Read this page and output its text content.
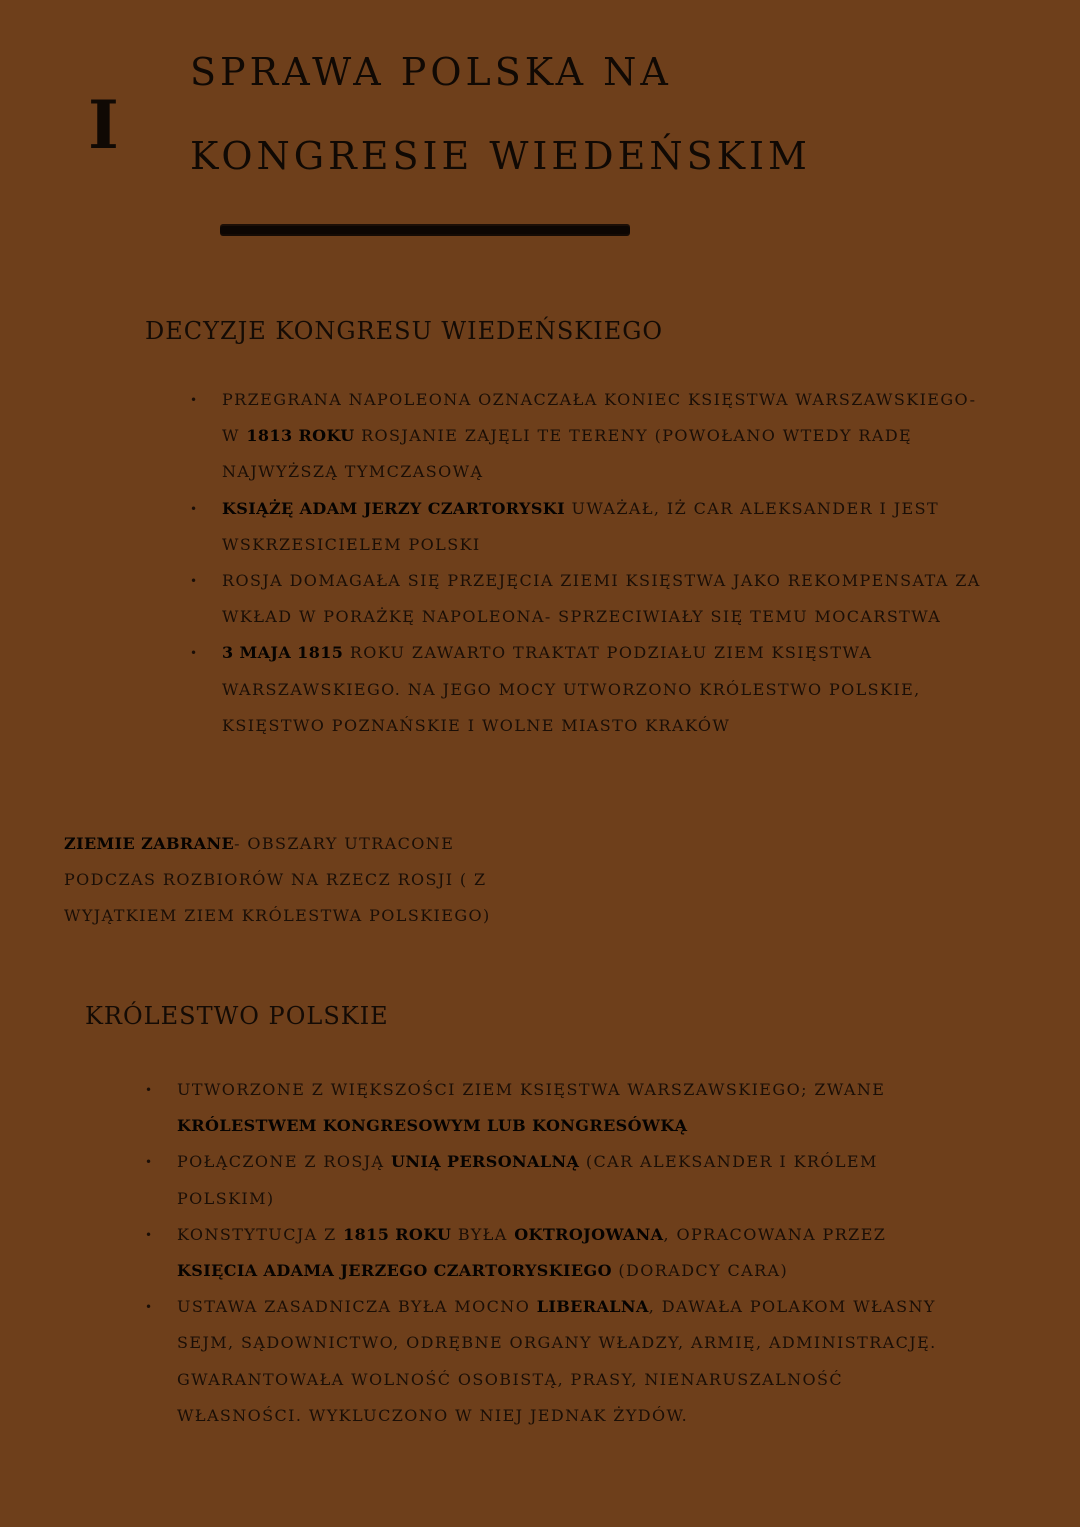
I
SPRAWA POLSKA NA
KONGRESIE WIEDEŃSKIM
DECYZJE KONGRESU WIEDEŃSKIEGO
• PRZEGRANA NAPOLEONA OZNACZAŁA KONIEC KSIĘSTWA WARSZAWSKIEGO- W 1813 ROKU ROSJANIE ZAJĘLI TE TERENY (POWOŁANO WTEDY RADĘ NAJWYŻSZĄ TYMCZASOWĄ
• KSIĄŻĘ ADAM JERZY CZARTORYSKI UWAŻAŁ, IŻ CAR ALEKSANDER I JEST WSKRZESICIELEM POLSKI
• ROSJA DOMAGAŁA SIĘ PRZEJĘCIA ZIEMI KSIĘSTWA JAKO REKOMPENSATA ZA WKŁAD W PORAŻKĘ NAPOLEONA- SPRZECIWIAŁY SIĘ TEMU MOCARSTWA
• 3 MAJA 1815 ROKU ZAWARTO TRAKTAT PODZIAŁU ZIEM KSIĘSTWA WARSZAWSKIEGO. NA JEGO MOCY UTWORZONO KRÓLESTWO POLSKIE, KSIĘSTWO POZNAŃSKIE I WOLNE MIASTO KRAKÓW
ZIEMIE ZABRANE- OBSZARY UTRACONE PODCZAS ROZBIORÓW NA RZECZ ROSJI ( Z WYJĄTKIEM ZIEM KRÓLESTWA POLSKIEGO)
KRÓLESTWO POLSKIE
• UTWORZONE Z WIĘKSZOŚCI ZIEM KSIĘSTWA WARSZAWSKIEGO; ZWANE KRÓLESTWEM KONGRESOWYM LUB KONGRESÓWKĄ
• POŁĄCZONE Z ROSJĄ UNIĄ PERSONALNĄ (CAR ALEKSANDER I KRÓLEM POLSKIM)
• KONSTYTUCJA Z 1815 ROKU BYŁA OKTROJOWANA, OPRACOWANA PRZEZ KSIĘCIA ADAMA JERZEGO CZARTORYSKIEGO (DORADCY CARA)
• USTAWA ZASADNICZA BYŁA MOCNO LIBERALNA, DAWAŁA POLAKOM WŁASNY SEJM, SĄDOWNICTWO, ODRĘBNE ORGANY WŁADZY, ARMIĘ, ADMINISTRACJĘ. GWARANTOWAŁA WOLNOŚĆ OSOBISTĄ, PRASY, NIENARUSZALNOŚĆ WŁASNOŚCI. WYKLUCZONO W NIEJ JEDNAK ŻYDÓW.
